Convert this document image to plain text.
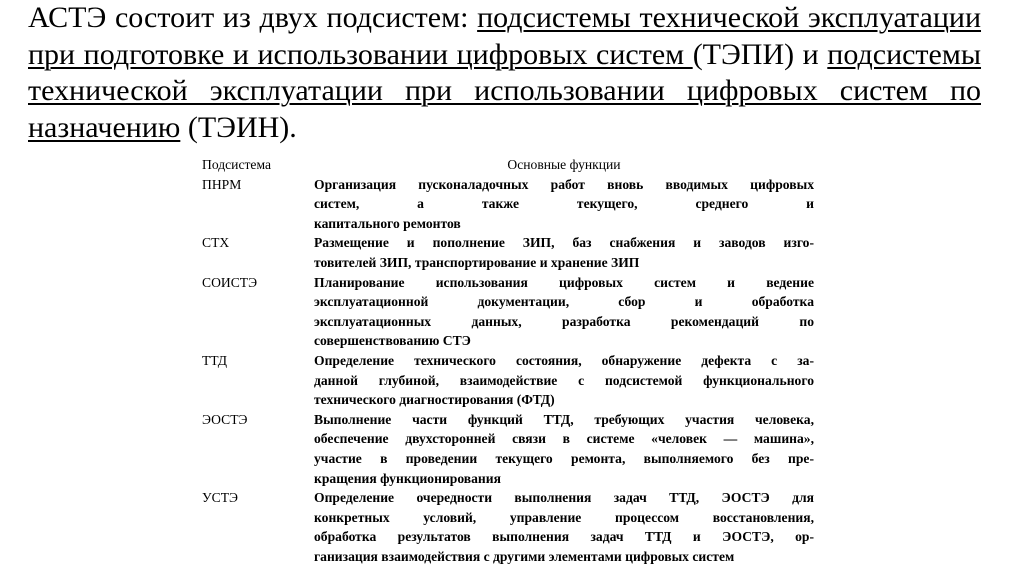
АСТЭ состоит из двух подсистем: подсистемы технической эксплуатации при подготовке и использовании цифровых систем (ТЭПИ) и подсистемы технической эксплуатации при использовании цифровых систем по назначению (ТЭИН).

Подсистема	Основные функции
ПНРМ	Организация пусконаладочных работ вновь вводимых цифровых
систем, а также текущего, среднего и
капитального ремонтов

СТХ	Размещение и пополнение ЗИП, баз снабжения и заводов изго-
товителей ЗИП, транспортирование и хранение ЗИП

СОИСТЭ	Планирование использования цифровых систем и ведение
эксплуатационной документации, сбор и обработка
эксплуатационных данных, разработка рекомендаций по
совершенствованию СТЭ

ТТД	Определение технического состояния, обнаружение дефекта с за-
данной глубиной, взаимодействие с подсистемой функционального
технического диагностирования (ФТД)

ЭОСТЭ	Выполнение части функций ТТД, требующих участия человека,
обеспечение двухсторонней связи в системе «человек — машина»,
участие в проведении текущего ремонта, выполняемого без пре-
кращения функционирования

УСТЭ	Определение очередности выполнения задач ТТД, ЭОСТЭ для
конкретных условий, управление процессом восстановления,
обработка результатов выполнения задач ТТД и ЭОСТЭ, ор-
ганизация взаимодействия с другими элементами цифровых систем
